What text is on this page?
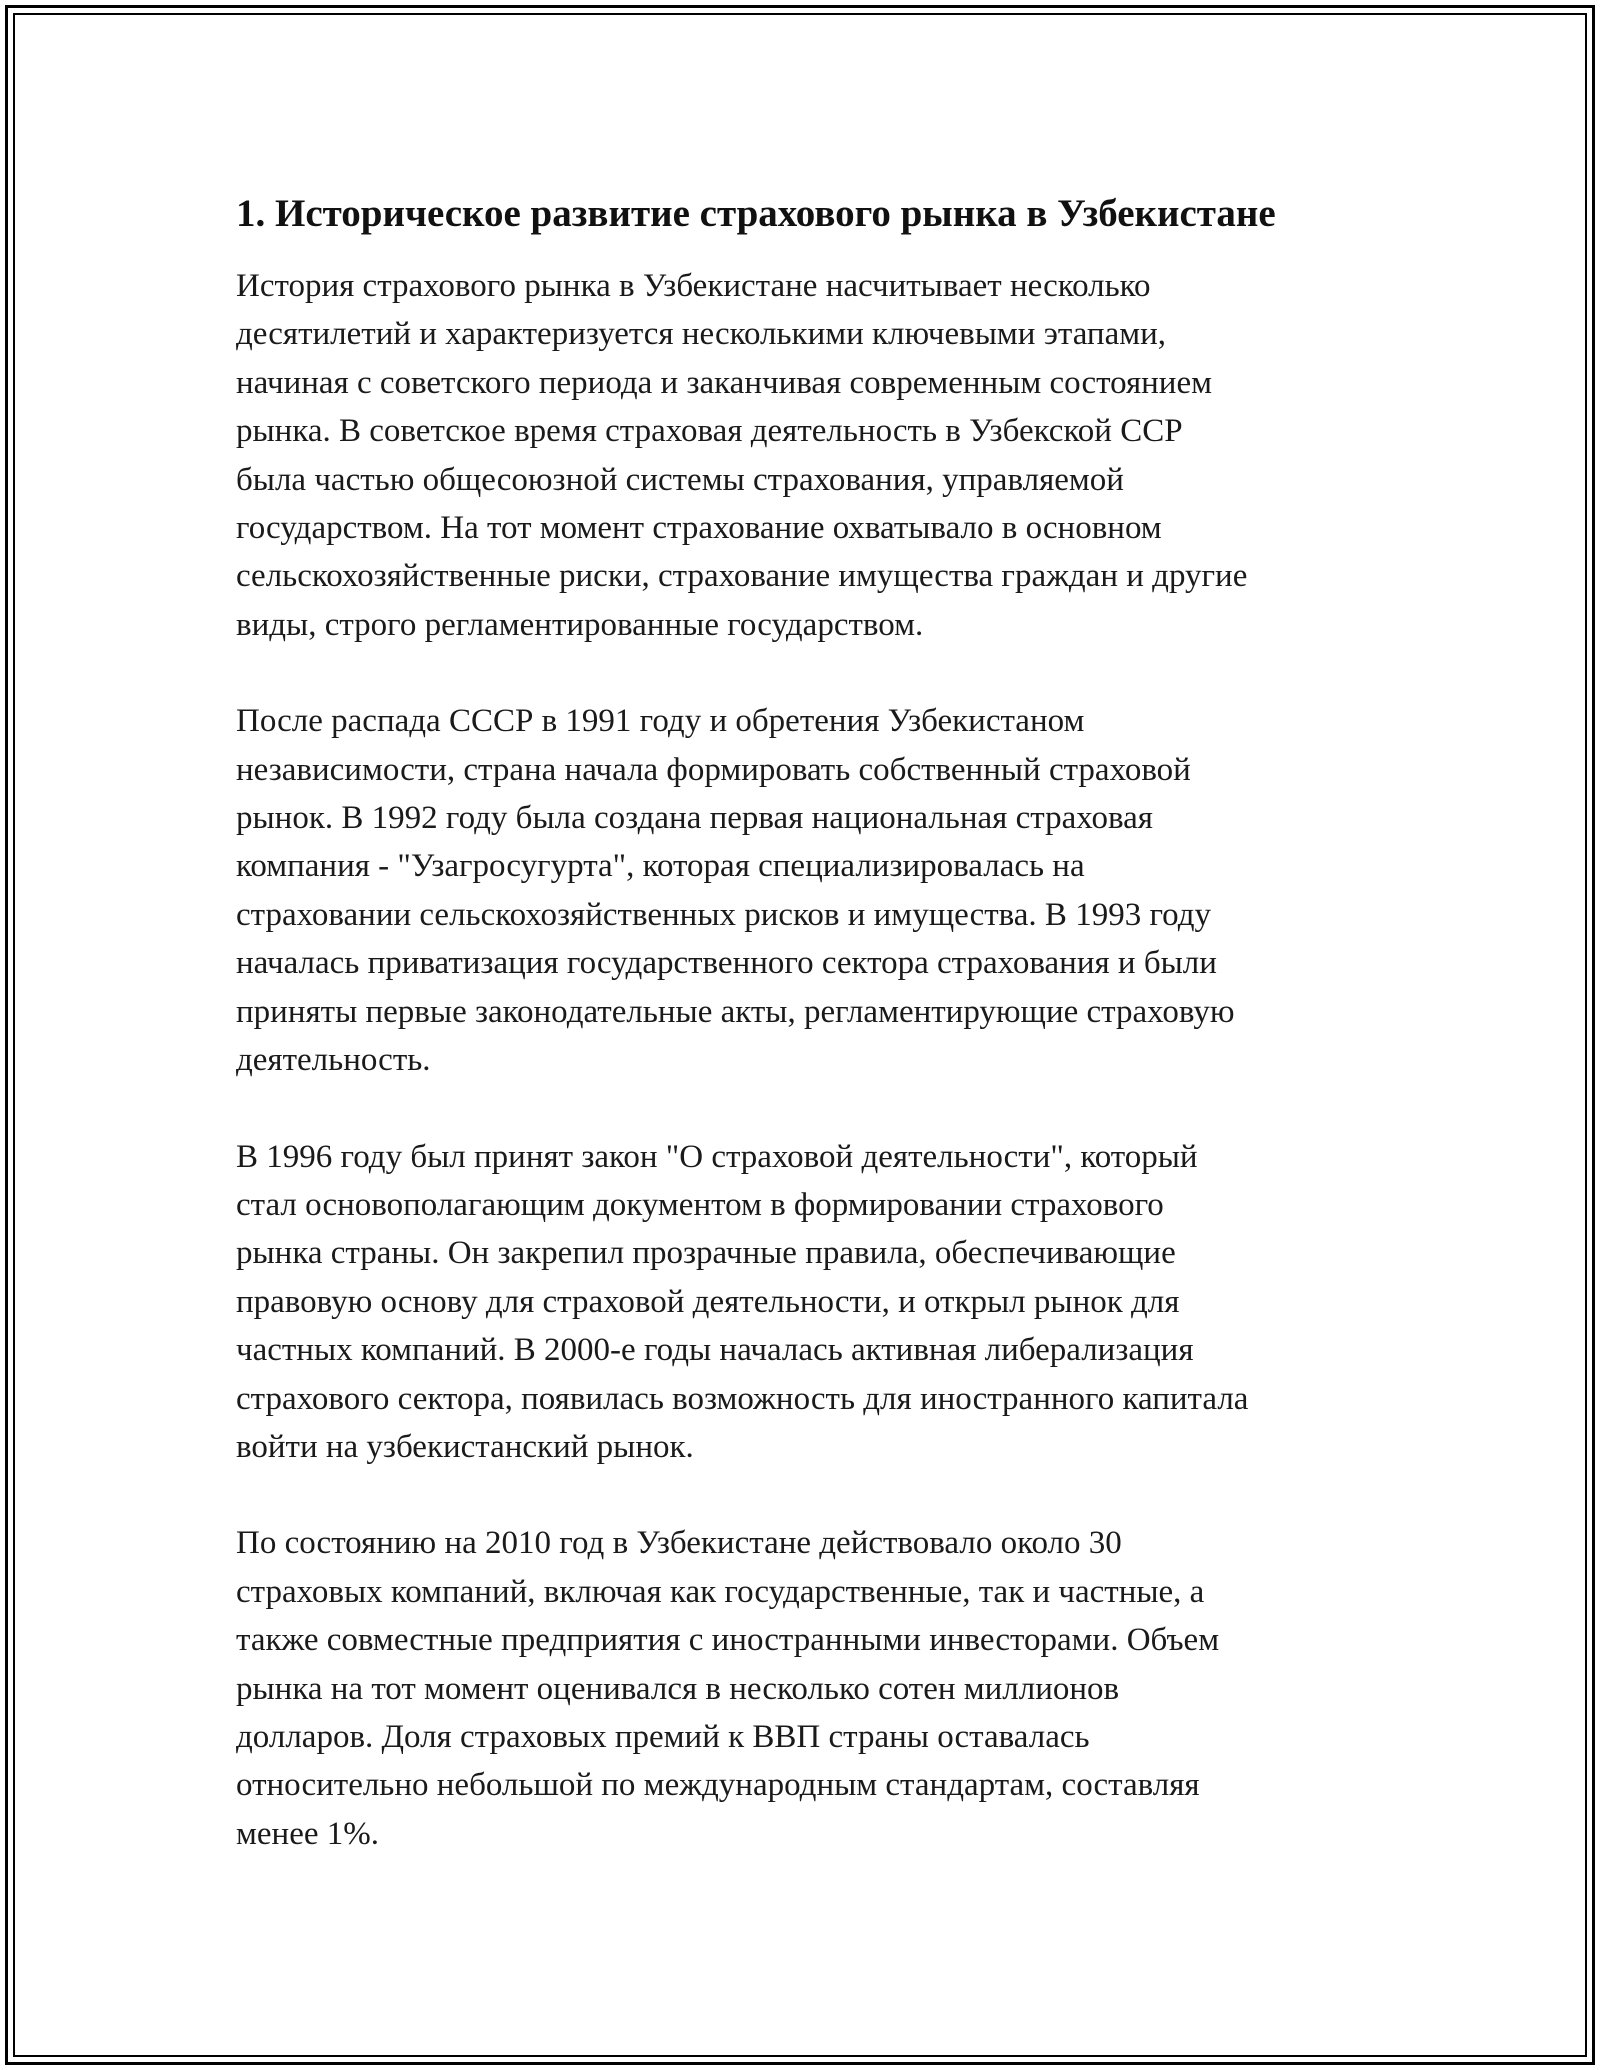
1. Историческое развитие страхового рынка в Узбекистане
История страхового рынка в Узбекистане насчитывает несколько
десятилетий и характеризуется несколькими ключевыми этапами,
начиная с советского периода и заканчивая современным состоянием
рынка. В советское время страховая деятельность в Узбекской ССР
была частью общесоюзной системы страхования, управляемой
государством. На тот момент страхование охватывало в основном
сельскохозяйственные риски, страхование имущества граждан и другие
виды, строго регламентированные государством.
После распада СССР в 1991 году и обретения Узбекистаном
независимости, страна начала формировать собственный страховой
рынок. В 1992 году была создана первая национальная страховая
компания - "Узагросугурта", которая специализировалась на
страховании сельскохозяйственных рисков и имущества. В 1993 году
началась приватизация государственного сектора страхования и были
приняты первые законодательные акты, регламентирующие страховую
деятельность.
В 1996 году был принят закон "О страховой деятельности", который
стал основополагающим документом в формировании страхового
рынка страны. Он закрепил прозрачные правила, обеспечивающие
правовую основу для страховой деятельности, и открыл рынок для
частных компаний. В 2000-е годы началась активная либерализация
страхового сектора, появилась возможность для иностранного капитала
войти на узбекистанский рынок.
По состоянию на 2010 год в Узбекистане действовало около 30
страховых компаний, включая как государственные, так и частные, а
также совместные предприятия с иностранными инвесторами. Объем
рынка на тот момент оценивался в несколько сотен миллионов
долларов. Доля страховых премий к ВВП страны оставалась
относительно небольшой по международным стандартам, составляя
менее 1%.
